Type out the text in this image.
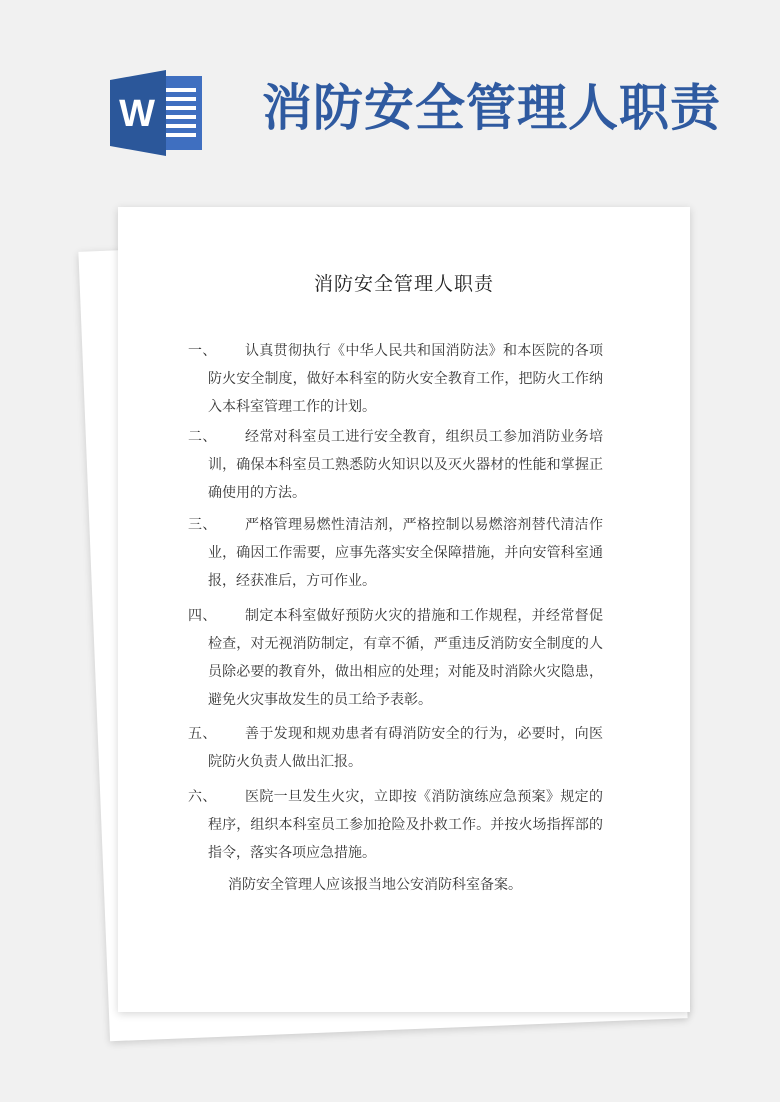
W 消防安全管理人职责
消防安全管理人职责

一、 认真贯彻执行《中华人民共和国消防法》和本医院的各项防火安全制度，做好本科室的防火安全教育工作，把防火工作纳入本科室管理工作的计划。

二、 经常对科室员工进行安全教育，组织员工参加消防业务培训，确保本科室员工熟悉防火知识以及灭火器材的性能和掌握正确使用的方法。

三、 严格管理易燃性清洁剂，严格控制以易燃溶剂替代清洁作业，确因工作需要，应事先落实安全保障措施，并向安管科室通报，经获准后，方可作业。

四、 制定本科室做好预防火灾的措施和工作规程，并经常督促检查，对无视消防制定，有章不循，严重违反消防安全制度的人员除必要的教育外，做出相应的处理；对能及时消除火灾隐患，避免火灾事故发生的员工给予表彰。

五、 善于发现和规劝患者有碍消防安全的行为，必要时，向医院防火负责人做出汇报。

六、 医院一旦发生火灾，立即按《消防演练应急预案》规定的程序，组织本科室员工参加抢险及扑救工作。并按火场指挥部的指令，落实各项应急措施。

消防安全管理人应该报当地公安消防科室备案。
